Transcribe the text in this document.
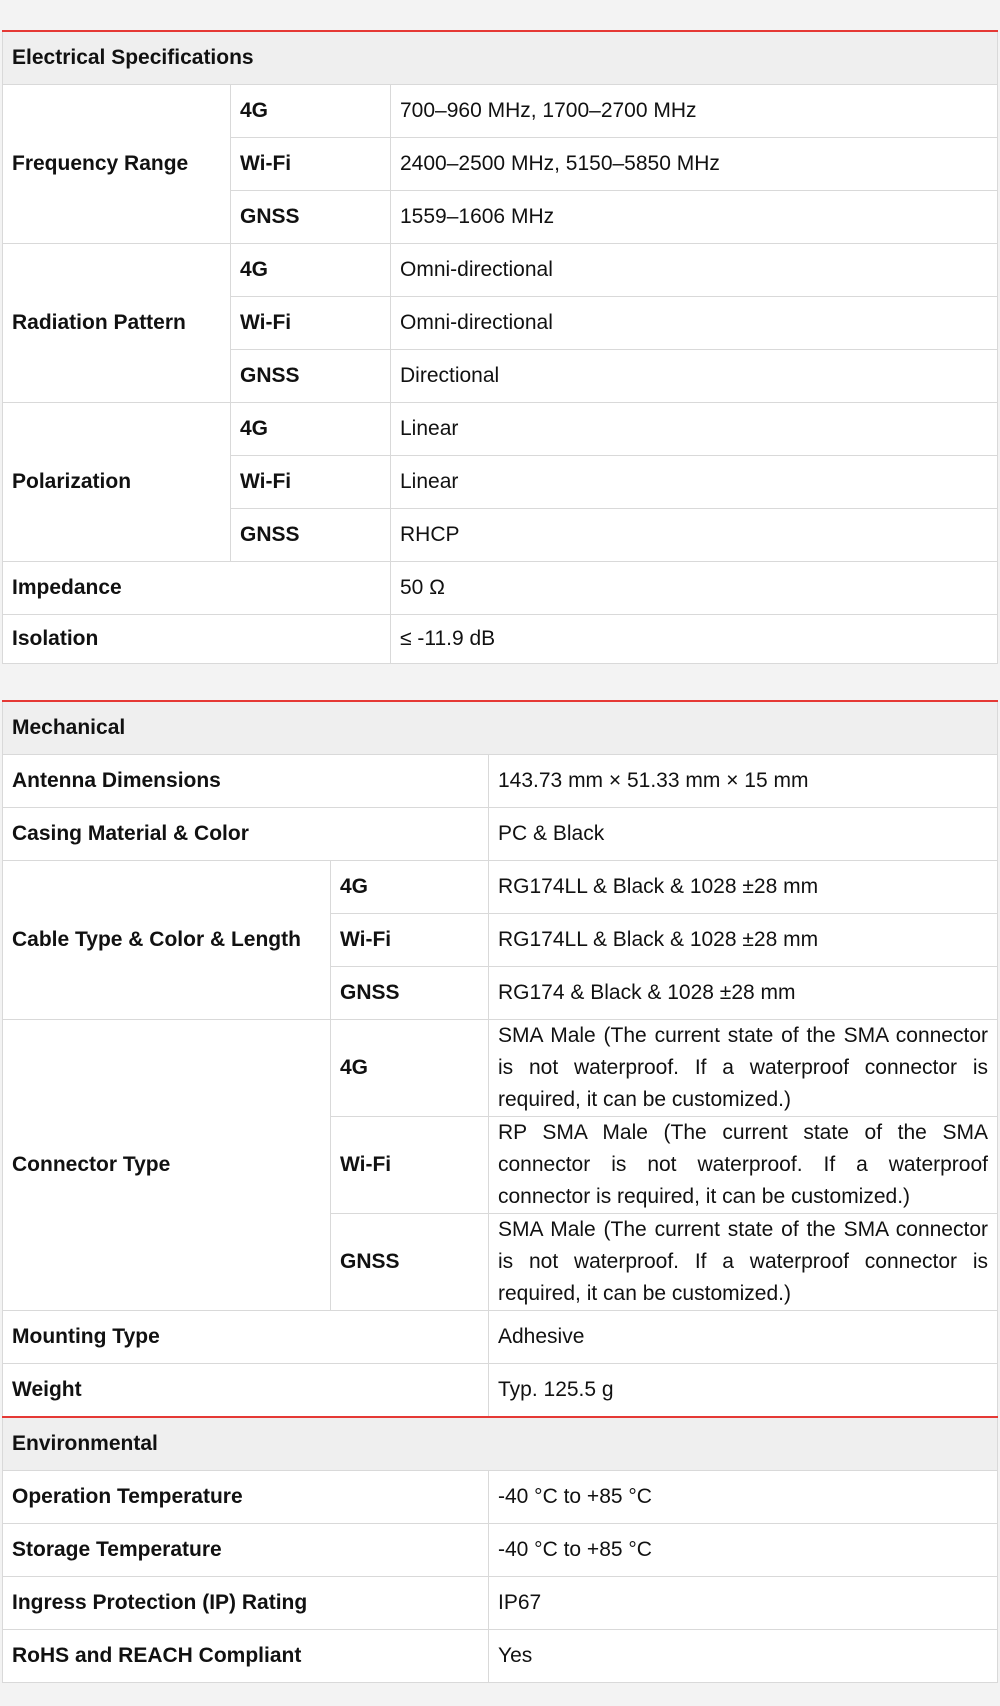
Electrical Specifications		
Frequency Range	4G	700–960 MHz, 1700–2700 MHz
	Wi-Fi	2400–2500 MHz, 5150–5850 MHz
	GNSS	1559–1606 MHz
Radiation Pattern	4G	Omni-directional
	Wi-Fi	Omni-directional
	GNSS	Directional
Polarization	4G	Linear
	Wi-Fi	Linear
	GNSS	RHCP
Impedance		50 Ω
Isolation		≤ -11.9 dB
Mechanical		
Antenna Dimensions		143.73 mm × 51.33 mm × 15 mm
Casing Material & Color		PC & Black
Cable Type & Color & Length	4G	RG174LL & Black & 1028 ±28 mm
	Wi-Fi	RG174LL & Black & 1028 ±28 mm
	GNSS	RG174 & Black & 1028 ±28 mm
Connector Type	4G	SMA Male (The current state of the SMA connector is not waterproof. If a waterproof connector is required, it can be customized.)
	Wi-Fi	RP SMA Male (The current state of the SMA connector is not waterproof. If a waterproof connector is required, it can be customized.)
	GNSS	SMA Male (The current state of the SMA connector is not waterproof. If a waterproof connector is required, it can be customized.)
Mounting Type		Adhesive
Weight		Typ. 125.5 g
Environmental		
Operation Temperature		-40 °C to +85 °C
Storage Temperature		-40 °C to +85 °C
Ingress Protection (IP) Rating		IP67
RoHS and REACH Compliant		Yes
